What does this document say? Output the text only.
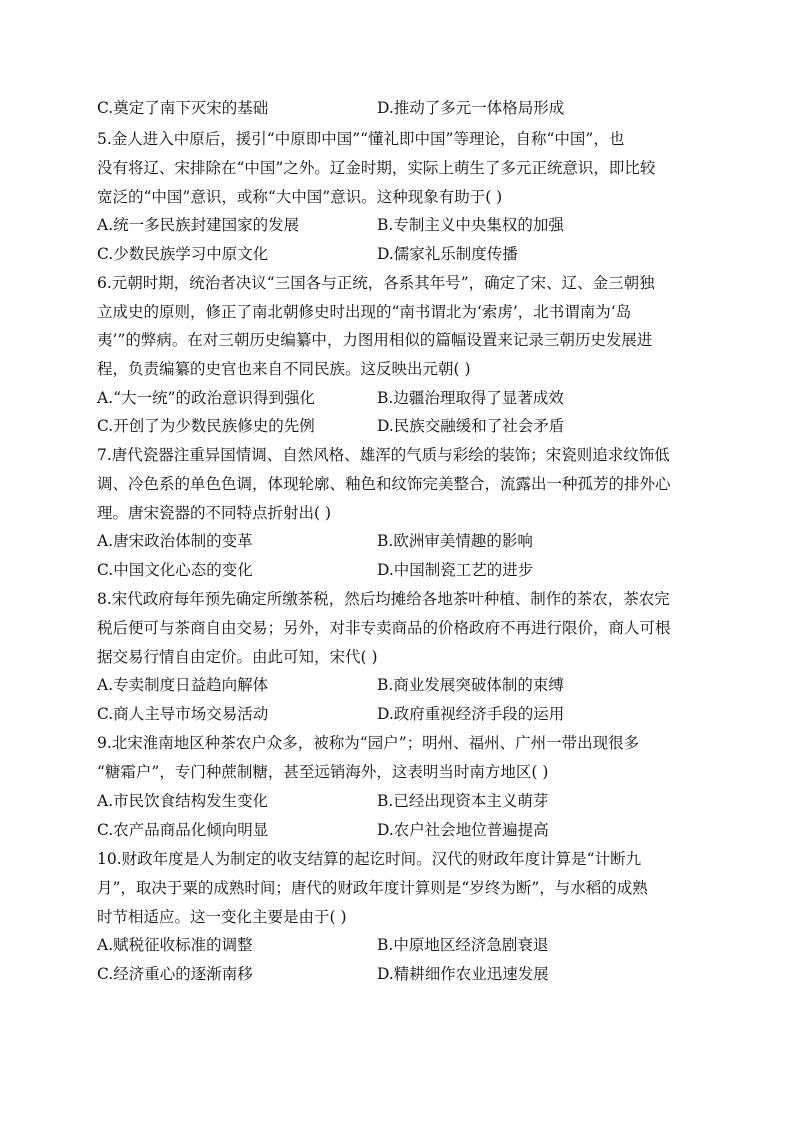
C.奠定了南下灭宋的基础	D.推动了多元一体格局形成
5.金人进入中原后，援引“中原即中国”“懂礼即中国”等理论，自称“中国”，也
没有将辽、宋排除在“中国”之外。辽金时期，实际上萌生了多元正统意识，即比较
宽泛的“中国”意识，或称“大中国”意识。这种现象有助于( )
A.统一多民族封建国家的发展	B.专制主义中央集权的加强
C.少数民族学习中原文化	D.儒家礼乐制度传播
6.元朝时期，统治者决议“三国各与正统，各系其年号”，确定了宋、辽、金三朝独
立成史的原则，修正了南北朝修史时出现的“南书谓北为‘索虏’，北书谓南为‘岛
夷’”的弊病。在对三朝历史编纂中，力图用相似的篇幅设置来记录三朝历史发展进
程，负责编纂的史官也来自不同民族。这反映出元朝( )
A.“大一统”的政治意识得到强化	B.边疆治理取得了显著成效
C.开创了为少数民族修史的先例	D.民族交融缓和了社会矛盾
7.唐代瓷器注重异国情调、自然风格、雄浑的气质与彩绘的装饰；宋瓷则追求纹饰低
调、冷色系的单色色调，体现轮廓、釉色和纹饰完美整合，流露出一种孤芳的排外心
理。唐宋瓷器的不同特点折射出( )
A.唐宋政治体制的变革	B.欧洲审美情趣的影响
C.中国文化心态的变化	D.中国制瓷工艺的进步
8.宋代政府每年预先确定所缴茶税，然后均摊给各地茶叶种植、制作的茶农，茶农完
税后便可与茶商自由交易；另外，对非专卖商品的价格政府不再进行限价，商人可根
据交易行情自由定价。由此可知，宋代( )
A.专卖制度日益趋向解体	B.商业发展突破体制的束缚
C.商人主导市场交易活动	D.政府重视经济手段的运用
9.北宋淮南地区种茶农户众多，被称为“园户”；明州、福州、广州一带出现很多
“糖霜户”，专门种蔗制糖，甚至远销海外，这表明当时南方地区( )
A.市民饮食结构发生变化	B.已经出现资本主义萌芽
C.农产品商品化倾向明显	D.农户社会地位普遍提高
10.财政年度是人为制定的收支结算的起讫时间。汉代的财政年度计算是“计断九
月”，取决于粟的成熟时间；唐代的财政年度计算则是“岁终为断”，与水稻的成熟
时节相适应。这一变化主要是由于( )
A.赋税征收标准的调整	B.中原地区经济急剧衰退
C.经济重心的逐渐南移	D.精耕细作农业迅速发展
